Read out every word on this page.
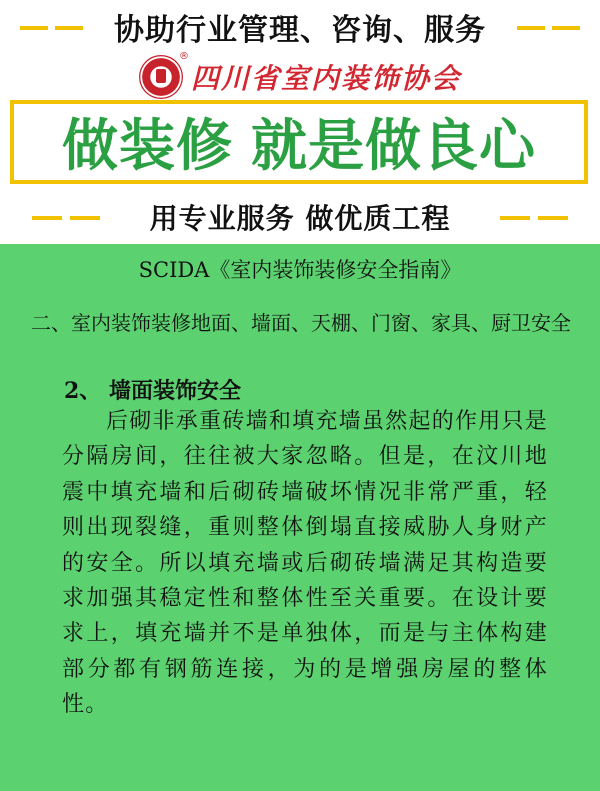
协助行业管理、咨询、服务
®
四川省室内装饰协会
做装修 就是做良心
用专业服务 做优质工程
SCIDA《室内装饰装修安全指南》
二、室内装饰装修地面、墙面、天棚、门窗、家具、厨卫安全
2、 墙面装饰安全

后砌非承重砖墙和填充墙虽然起的作用只是分隔房间，往往被大家忽略。但是，在汶川地震中填充墙和后砌砖墙破坏情况非常严重，轻则出现裂缝，重则整体倒塌直接威胁人身财产的安全。所以填充墙或后砌砖墙满足其构造要求加强其稳定性和整体性至关重要。在设计要求上，填充墙并不是单独体，而是与主体构建部分都有钢筋连接，为的是增强房屋的整体性。
